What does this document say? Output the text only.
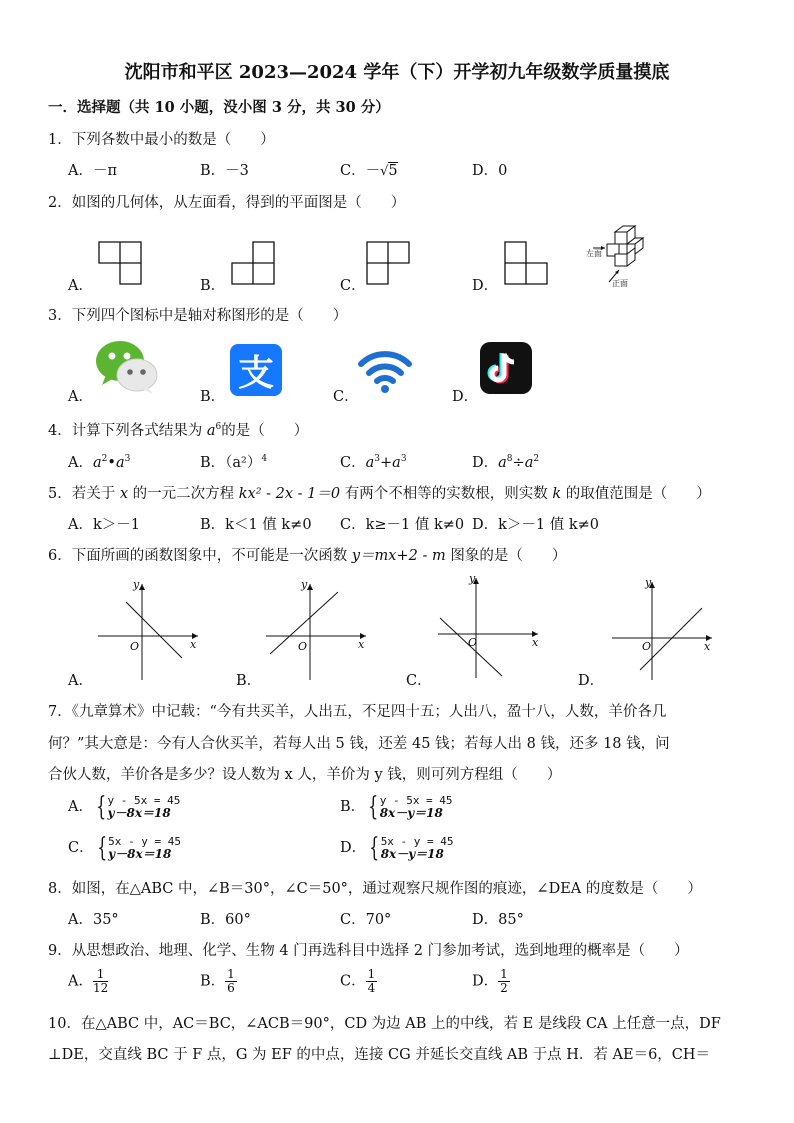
沈阳市和平区 2023—2024 学年（下）开学初九年级数学质量摸底
一．选择题（共 10 小题，没小图 3 分，共 30 分）
1．下列各数中最小的数是（　　）
A．－π	B．－3	C．－√5	D．0
2．如图的几何体，从左面看，得到的平面图是（　　）
A．	B．	C．	D．
左面
正面
3．下列四个图标中是轴对称图形的是（　　）
A．	B．	C．	D．
支
4．计算下列各式结果为 $a^6$的是（　　）
A．$a^2•a^3$	B．$(a^2)^4$	C．$a^3+a^3$	D．$a^8\div a^2$
5．若关于 x 的一元二次方程 kx² - 2x - 1＝0 有两个不相等的实数根，则实数 k 的取值范围是（　　）
A．k＞－1	B．k＜1 值 k≠0 C．k≥－1 值 k≠0 D．k＞－1 值 k≠0
6．下面所画的函数图象中，不可能是一次函数 y＝mx+2 - m 图象的是（　　）
A．	B．	C．	D．
y
x
O
y
x
O
y
x
O
y
x
O
7．《九章算术》中记载：“今有共买羊，人出五，不足四十五；人出八，盈十八，人数，羊价各几
何？”其大意是：今有人合伙买羊，若每人出 5 钱，还差 45 钱；若每人出 8 钱，还多 18 钱，问
合伙人数，羊价各是多少？设人数为 x 人，羊价为 y 钱，则可列方程组（　　）
A． { y - 5x = 45
y－8x＝18	B． { y - 5x = 45
8x－y＝18
C． { 5x - y = 45
y－8x＝18	D． { 5x - y = 45
8x－y＝18
8．如图，在△ABC 中，∠B＝30°，∠C＝50°，通过观察尺规作图的痕迹，∠DEA 的度数是（　　）
A．35°	B．60°	C．70°	D．85°
9．从思想政治、地理、化学、生物 4 门再选科目中选择 2 门参加考试，选到地理的概率是（　　）
A． $\frac{1}{12}$	B． $\frac{1}{6}$	C． $\frac{1}{4}$	D． $\frac{1}{2}$
10．在△ABC 中，AC＝BC，∠ACB＝90°，CD 为边 AB 上的中线，若 E 是线段 CA 上任意一点，DF
⊥DE，交直线 BC 于 F 点，G 为 EF 的中点，连接 CG 并延长交直线 AB 于点 H．若 AE＝6，CH＝
